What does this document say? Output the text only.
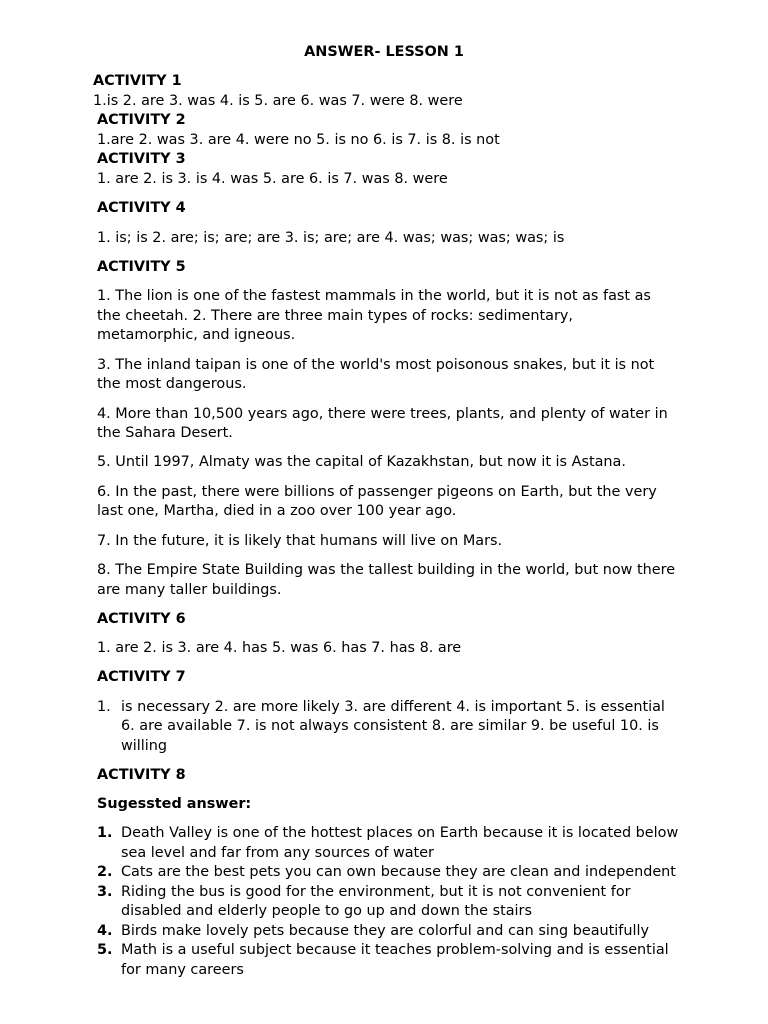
ANSWER- LESSON 1
ACTIVITY 1
1.is 2. are 3. was 4. is 5. are 6. was 7. were 8. were
ACTIVITY 2
1.are 2. was 3. are 4. were no 5. is no 6. is 7. is 8. is not
ACTIVITY 3
1. are 2. is 3. is 4. was 5. are 6. is 7. was 8. were
ACTIVITY 4
1. is; is 2. are; is; are; are 3. is; are; are 4. was; was; was; was; is
ACTIVITY 5
1. The lion is one of the fastest mammals in the world, but it is not as fast as
the cheetah. 2. There are three main types of rocks: sedimentary,
metamorphic, and igneous.
3. The inland taipan is one of the world's most poisonous snakes, but it is not
the most dangerous.
4. More than 10,500 years ago, there were trees, plants, and plenty of water in
the Sahara Desert.
5. Until 1997, Almaty was the capital of Kazakhstan, but now it is Astana.
6. In the past, there were billions of passenger pigeons on Earth, but the very
last one, Martha, died in a zoo over 100 year ago.
7. In the future, it is likely that humans will live on Mars.
8. The Empire State Building was the tallest building in the world, but now there
are many taller buildings.
ACTIVITY 6
1. are 2. is 3. are 4. has 5. was 6. has 7. has 8. are
ACTIVITY 7
1. is necessary 2. are more likely 3. are different 4. is important 5. is essential
6. are available 7. is not always consistent 8. are similar 9. be useful 10. is
willing
ACTIVITY 8
Sugessted answer:
1. Death Valley is one of the hottest places on Earth because it is located below
sea level and far from any sources of water
2. Cats are the best pets you can own because they are clean and independent
3. Riding the bus is good for the environment, but it is not convenient for
disabled and elderly people to go up and down the stairs
4. Birds make lovely pets because they are colorful and can sing beautifully
5. Math is a useful subject because it teaches problem-solving and is essential
for many careers
